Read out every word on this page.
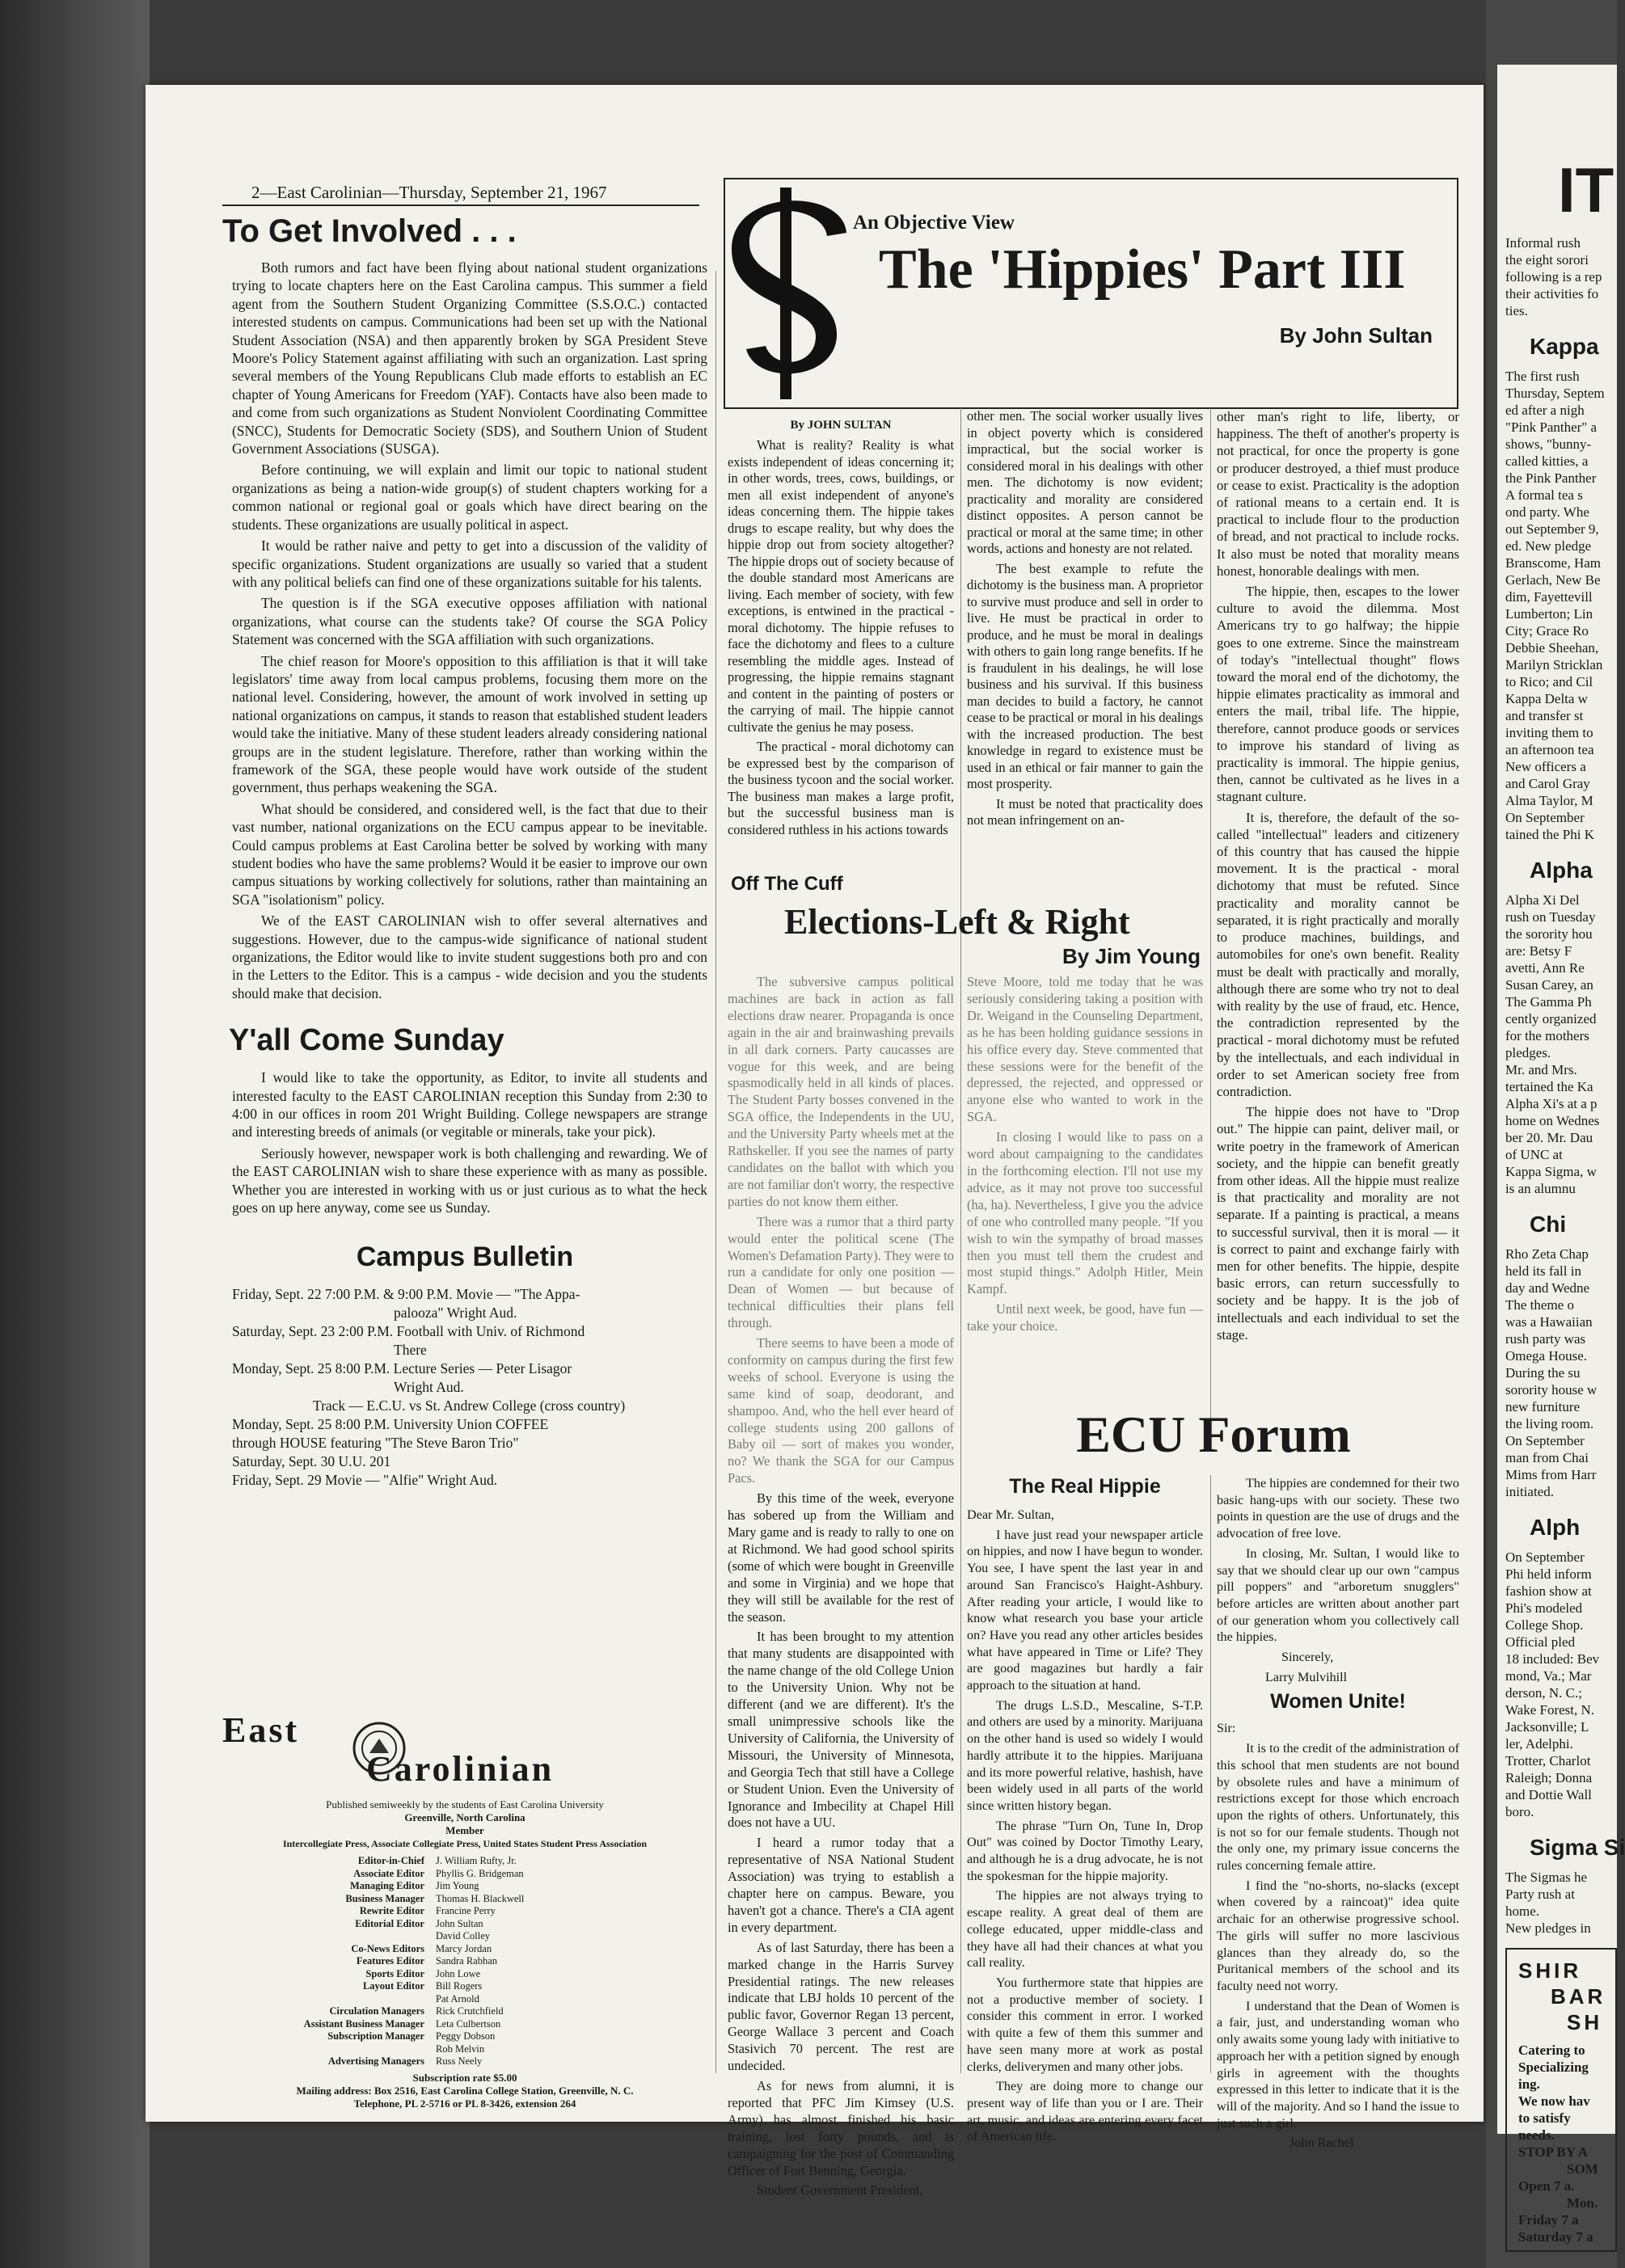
2—East Carolinian—Thursday, September 21, 1967

To Get Involved . . .

Both rumors and fact have been flying about national student organizations trying to locate chapters here on the East Carolina campus. This summer a field agent from the Southern Student Organizing Committee (S.S.O.C.) contacted interested students on campus. Communications had been set up with the National Student Association (NSA) and then apparently broken by SGA President Steve Moore's Policy Statement against affiliating with such an organization. Last spring several members of the Young Republicans Club made efforts to establish an EC chapter of Young Americans for Freedom (YAF). Contacts have also been made to and come from such organizations as Student Nonviolent Coordinating Committee (SNCC), Students for Democratic Society (SDS), and Southern Union of Student Government Associations (SUSGA).

Before continuing, we will explain and limit our topic to national student organizations as being a nation-wide group(s) of student chapters working for a common national or regional goal or goals which have direct bearing on the students. These organizations are usually political in aspect.

It would be rather naive and petty to get into a discussion of the validity of specific organizations. Student organizations are usually so varied that a student with any political beliefs can find one of these organizations suitable for his talents.

The question is if the SGA executive opposes affiliation with national organizations, what course can the students take? Of course the SGA Policy Statement was concerned with the SGA affiliation with such organizations.

The chief reason for Moore's opposition to this affiliation is that it will take legislators' time away from local campus problems, focusing them more on the national level. Considering, however, the amount of work involved in setting up national organizations on campus, it stands to reason that established student leaders would take the initiative. Many of these student leaders already considering national groups are in the student legislature. Therefore, rather than working within the framework of the SGA, these people would have work outside of the student government, thus perhaps weakening the SGA.

What should be considered, and considered well, is the fact that due to their vast number, national organizations on the ECU campus appear to be inevitable. Could campus problems at East Carolina better be solved by working with many student bodies who have the same problems? Would it be easier to improve our own campus situations by working collectively for solutions, rather than maintaining an SGA "isolationism" policy.

We of the EAST CAROLINIAN wish to offer several alternatives and suggestions. However, due to the campus-wide significance of national student organizations, the Editor would like to invite student suggestions both pro and con in the Letters to the Editor. This is a campus - wide decision and you the students should make that decision.

Y'all Come Sunday

I would like to take the opportunity, as Editor, to invite all students and interested faculty to the EAST CAROLINIAN reception this Sunday from 2:30 to 4:00 in our offices in room 201 Wright Building. College newspapers are strange and interesting breeds of animals (or vegitable or minerals, take your pick).

Seriously however, newspaper work is both challenging and rewarding. We of the EAST CAROLINIAN wish to share these experience with as many as possible. Whether you are interested in working with us or just curious as to what the heck goes on up here anyway, come see us Sunday.

Campus Bulletin

Friday, Sept. 22 7:00 P.M. & 9:00 P.M. Movie — "The Appa-

palooza" Wright Aud.

Saturday, Sept. 23 2:00 P.M. Football with Univ. of Richmond

There

Monday, Sept. 25 8:00 P.M. Lecture Series — Peter Lisagor

Wright Aud.

Track — E.C.U. vs St. Andrew College (cross country)

Monday, Sept. 25 8:00 P.M. University Union COFFEE

through HOUSE featuring "The Steve Baron Trio"

Saturday, Sept. 30 U.U. 201

Friday, Sept. 29 Movie — "Alfie" Wright Aud.

East
Carolinian

Published semiweekly by the students of East Carolina University

Greenville, North Carolina

Member

Intercollegiate Press, Associate Collegiate Press, United States Student Press Association

Editor-in-Chief	J. William Rufty, Jr.
Associate Editor	Phyllis G. Bridgeman
Managing Editor	Jim Young
Business Manager	Thomas H. Blackwell
Rewrite Editor	Francine Perry
Editorial Editor	John Sultan
David Colley
Co-News Editors	Marcy Jordan
Features Editor	Sandra Rabhan
Sports Editor	John Lowe
Layout Editor	Bill Rogers
Pat Arnold
Circulation Managers	Rick Crutchfield
Assistant Business Manager	Leta Culbertson
Subscription Manager	Peggy Dobson
Rob Melvin
Advertising Managers	Russ Neely

Subscription rate $5.00

Mailing address: Box 2516, East Carolina College Station, Greenville, N. C.

Telephone, PL 2-5716 or PL 8-3426, extension 264

An Objective View
The 'Hippies' Part III
By John Sultan

By JOHN SULTAN

What is reality? Reality is what exists independent of ideas concerning it; in other words, trees, cows, buildings, or men all exist independent of anyone's ideas concerning them. The hippie takes drugs to escape reality, but why does the hippie drop out from society altogether? The hippie drops out of society because of the double standard most Americans are living. Each member of society, with few exceptions, is entwined in the practical - moral dichotomy. The hippie refuses to face the dichotomy and flees to a culture resembling the middle ages. Instead of progressing, the hippie remains stagnant and content in the painting of posters or the carrying of mail. The hippie cannot cultivate the genius he may posess.

The practical - moral dichotomy can be expressed best by the comparison of the business tycoon and the social worker. The business man makes a large profit, but the successful business man is considered ruthless in his actions towards

other men. The social worker usually lives in object poverty which is considered impractical, but the social worker is considered moral in his dealings with other men. The dichotomy is now evident; practicality and morality are considered distinct opposites. A person cannot be practical or moral at the same time; in other words, actions and honesty are not related.

The best example to refute the dichotomy is the business man. A proprietor to survive must produce and sell in order to live. He must be practical in order to produce, and he must be moral in dealings with others to gain long range benefits. If he is fraudulent in his dealings, he will lose business and his survival. If this business man decides to build a factory, he cannot cease to be practical or moral in his dealings with the increased production. The best knowledge in regard to existence must be used in an ethical or fair manner to gain the most prosperity.

It must be noted that practicality does not mean infringement on an-

other man's right to life, liberty, or happiness. The theft of another's property is not practical, for once the property is gone or producer destroyed, a thief must produce or cease to exist. Practicality is the adoption of rational means to a certain end. It is practical to include flour to the production of bread, and not practical to include rocks. It also must be noted that morality means honest, honorable dealings with men.

The hippie, then, escapes to the lower culture to avoid the dilemma. Most Americans try to go halfway; the hippie goes to one extreme. Since the mainstream of today's "intellectual thought" flows toward the moral end of the dichotomy, the hippie elimates practicality as immoral and enters the mail, tribal life. The hippie, therefore, cannot produce goods or services to improve his standard of living as practicality is immoral. The hippie genius, then, cannot be cultivated as he lives in a stagnant culture.

It is, therefore, the default of the so-called "intellectual" leaders and citizenery of this country that has caused the hippie movement. It is the practical - moral dichotomy that must be refuted. Since practicality and morality cannot be separated, it is right practically and morally to produce machines, buildings, and automobiles for one's own benefit. Reality must be dealt with practically and morally, although there are some who try not to deal with reality by the use of fraud, etc. Hence, the contradiction represented by the practical - moral dichotomy must be refuted by the intellectuals, and each individual in order to set American society free from contradiction.

The hippie does not have to "Drop out." The hippie can paint, deliver mail, or write poetry in the framework of American society, and the hippie can benefit greatly from other ideas. All the hippie must realize is that practicality and morality are not separate. If a painting is practical, a means to successful survival, then it is moral — it is correct to paint and exchange fairly with men for other benefits. The hippie, despite basic errors, can return successfully to society and be happy. It is the job of intellectuals and each individual to set the stage.

Off The Cuff
Elections-Left & Right
By Jim Young

The subversive campus political machines are back in action as fall elections draw nearer. Propaganda is once again in the air and brainwashing prevails in all dark corners. Party caucasses are vogue for this week, and are being spasmodically held in all kinds of places. The Student Party bosses convened in the SGA office, the Independents in the UU, and the University Party wheels met at the Rathskeller. If you see the names of party candidates on the ballot with which you are not familiar don't worry, the respective parties do not know them either.

There was a rumor that a third party would enter the political scene (The Women's Defamation Party). They were to run a candidate for only one position — Dean of Women — but because of technical difficulties their plans fell through.

There seems to have been a mode of conformity on campus during the first few weeks of school. Everyone is using the same kind of soap, deodorant, and shampoo. And, who the hell ever heard of college students using 200 gallons of Baby oil — sort of makes you wonder, no? We thank the SGA for our Campus Pacs.

By this time of the week, everyone has sobered up from the William and Mary game and is ready to rally to one on at Richmond. We had good school spirits (some of which were bought in Greenville and some in Virginia) and we hope that they will still be available for the rest of the season.

It has been brought to my attention that many students are disappointed with the name change of the old College Union to the University Union. Why not be different (and we are different). It's the small unimpressive schools like the University of California, the University of Missouri, the University of Minnesota, and Georgia Tech that still have a College or Student Union. Even the University of Ignorance and Imbecility at Chapel Hill does not have a UU.

I heard a rumor today that a representative of NSA National Student Association) was trying to establish a chapter here on campus. Beware, you haven't got a chance. There's a CIA agent in every department.

As of last Saturday, there has been a marked change in the Harris Survey Presidential ratings. The new releases indicate that LBJ holds 10 percent of the public favor, Governor Regan 13 percent, George Wallace 3 percent and Coach Stasivich 70 percent. The rest are undecided.

As for news from alumni, it is reported that PFC Jim Kimsey (U.S. Army) has almost finished his basic training, lost forty pounds, and is campaigning for the post of Commanding Officer of Fort Benning, Georgia.

Student Government President,

Steve Moore, told me today that he was seriously considering taking a position with Dr. Weigand in the Counseling Department, as he has been holding guidance sessions in his office every day. Steve commented that these sessions were for the benefit of the depressed, the rejected, and oppressed or anyone else who wanted to work in the SGA.

In closing I would like to pass on a word about campaigning to the candidates in the forthcoming election. I'll not use my advice, as it may not prove too successful (ha, ha). Nevertheless, I give you the advice of one who controlled many people. "If you wish to win the sympathy of broad masses then you must tell them the crudest and most stupid things." Adolph Hitler, Mein Kampf.

Until next week, be good, have fun — take your choice.

ECU Forum
The Real Hippie

Dear Mr. Sultan,

I have just read your newspaper article on hippies, and now I have begun to wonder. You see, I have spent the last year in and around San Francisco's Haight-Ashbury. After reading your article, I would like to know what research you base your article on? Have you read any other articles besides what have appeared in Time or Life? They are good magazines but hardly a fair approach to the situation at hand.

The drugs L.S.D., Mescaline, S-T.P. and others are used by a minority. Marijuana on the other hand is used so widely I would hardly attribute it to the hippies. Marijuana and its more powerful relative, hashish, have been widely used in all parts of the world since written history began.

The phrase "Turn On, Tune In, Drop Out" was coined by Doctor Timothy Leary, and although he is a drug advocate, he is not the spokesman for the hippie majority.

The hippies are not always trying to escape reality. A great deal of them are college educated, upper middle-class and they have all had their chances at what you call reality.

You furthermore state that hippies are not a productive member of society. I consider this comment in error. I worked with quite a few of them this summer and have seen many more at work as postal clerks, deliverymen and many other jobs.

They are doing more to change our present way of life than you or I are. Their art, music, and ideas are entering every facet of American life.

The hippies are condemned for their two basic hang-ups with our society. These two points in question are the use of drugs and the advocation of free love.

In closing, Mr. Sultan, I would like to say that we should clear up our own "campus pill poppers" and "arboretum snugglers" before articles are written about another part of our generation whom you collectively call the hippies.

Sincerely,

Larry Mulvihill

Women Unite!

Sir:

It is to the credit of the administration of this school that men students are not bound by obsolete rules and have a minimum of restrictions except for those which encroach upon the rights of others. Unfortunately, this is not so for our female students. Though not the only one, my primary issue concerns the rules concerning female attire.

I find the "no-shorts, no-slacks (except when covered by a raincoat)" idea quite archaic for an otherwise progressive school. The girls will suffer no more lascivious glances than they already do, so the Puritanical members of the school and its faculty need not worry.

I understand that the Dean of Women is a fair, just, and understanding woman who only awaits some young lady with initiative to approach her with a petition signed by enough girls in agreement with the thoughts expressed in this letter to indicate that it is the will of the majority. And so I hand the issue to just such a girl.

John Rachel

IT

Informal rush

the eight sorori

following is a rep

their activities fo

ties.

Kappa

The first rush

Thursday, Septem

ed after a nigh

"Pink Panther" a

shows, "bunny-

called kitties, a

the Pink Panther

A formal tea s

ond party. Whe

out September 9,

ed. New pledge

Branscome, Ham

Gerlach, New Be

dim, Fayettevill

Lumberton; Lin

City; Grace Ro

Debbie Sheehan,

Marilyn Stricklan

to Rico; and Cil

Kappa Delta w

and transfer st

inviting them to

an afternoon tea

New officers a

and Carol Gray

Alma Taylor, M

On September

tained the Phi K

Alpha

Alpha Xi Del

rush on Tuesday

the sorority hou

are: Betsy F

avetti, Ann Re

Susan Carey, an

The Gamma Ph

cently organized

for the mothers

pledges.

Mr. and Mrs.

tertained the Ka

Alpha Xi's at a p

home on Wednes

ber 20. Mr. Dau

of UNC at

Kappa Sigma, w

is an alumnu

Chi

Rho Zeta Chap

held its fall in

day and Wedne

The theme o

was a Hawaiian

rush party was

Omega House.

During the su

sorority house w

new furniture

the living room.

On September

man from Chai

Mims from Harr

initiated.

Alph

On September

Phi held inform

fashion show at

Phi's modeled

College Shop.

Official pled

18 included: Bev

mond, Va.; Mar

derson, N. C.;

Wake Forest, N.

Jacksonville; L

ler, Adelphi.

Trotter, Charlot

Raleigh; Donna

and Dottie Wall

boro.

Sigma Si

The Sigmas he

Party rush at

home.

New pledges in

SHIR

BAR

SH

Catering to

Specializing

ing.

We now hav

to satisfy

needs.

STOP BY A

SOM

Open 7 a.

Mon.

Friday 7 a

Saturday 7 a
